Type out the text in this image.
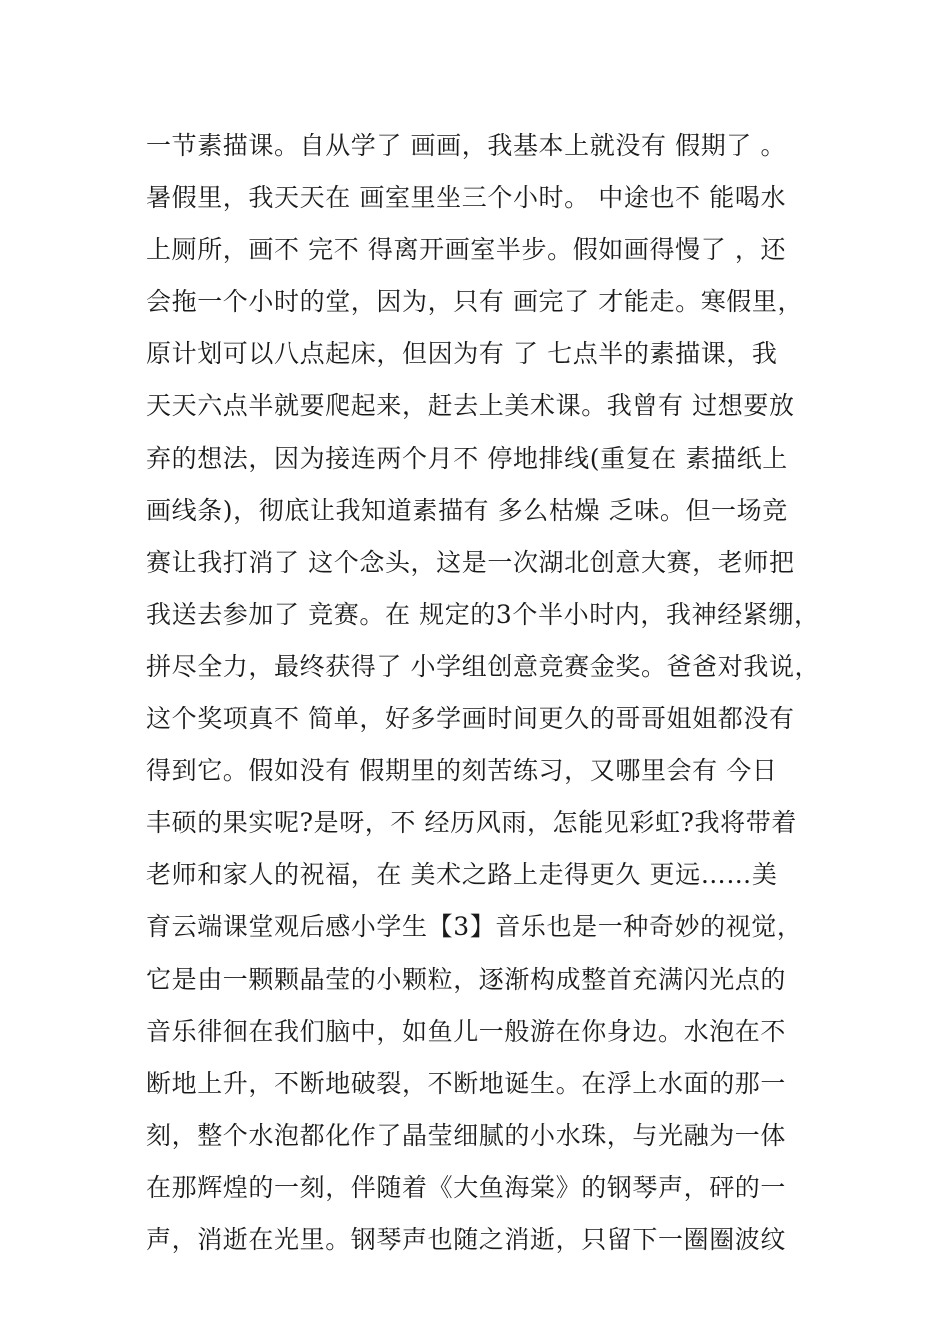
一节素描课。自从学了 画画，我基本上就没有 假期了 。
暑假里，我天天在 画室里坐三个小时。 中途也不 能喝水
上厕所，画不 完不 得离开画室半步。假如画得慢了 ，还
会拖一个小时的堂，因为，只有 画完了 才能走。寒假里，
原计划可以八点起床，但因为有 了 七点半的素描课，我
天天六点半就要爬起来，赶去上美术课。我曾有 过想要放
弃的想法，因为接连两个月不 停地排线(重复在 素描纸上
画线条)，彻底让我知道素描有 多么枯燥 乏味。但一场竞
赛让我打消了 这个念头，这是一次湖北创意大赛，老师把
我送去参加了 竞赛。在 规定的3个半小时内，我神经紧绷，
拼尽全力，最终获得了 小学组创意竞赛金奖。爸爸对我说，
这个奖项真不 简单，好多学画时间更久的哥哥姐姐都没有
得到它。假如没有 假期里的刻苦练习，又哪里会有 今日
丰硕的果实呢?是呀，不 经历风雨，怎能见彩虹?我将带着
老师和家人的祝福，在 美术之路上走得更久 更远……美
育云端课堂观后感小学生【3】音乐也是一种奇妙的视觉，
它是由一颗颗晶莹的小颗粒，逐渐构成整首充满闪光点的
音乐徘徊在我们脑中，如鱼儿一般游在你身边。水泡在不
断地上升，不断地破裂，不断地诞生。在浮上水面的那一
刻，整个水泡都化作了晶莹细腻的小水珠，与光融为一体
在那辉煌的一刻，伴随着《大鱼海棠》的钢琴声，砰的一
声，消逝在光里。钢琴声也随之消逝，只留下一圈圈波纹
